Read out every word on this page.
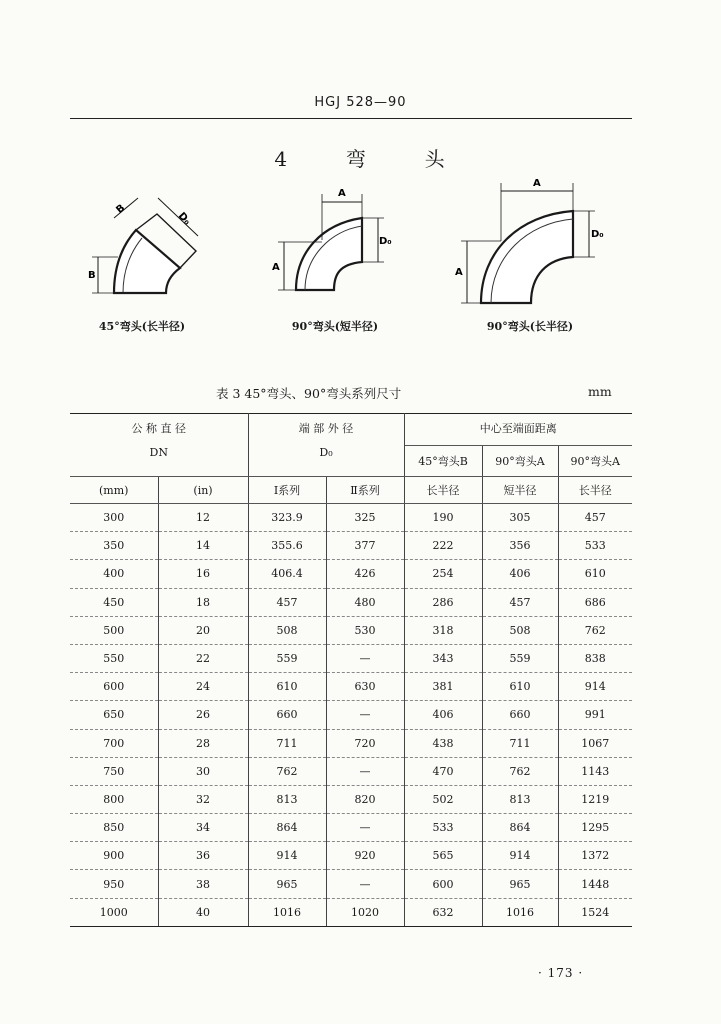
HGJ 528—90
4	弯	头
B
B
D₀
45°弯头(长半径)
A
A
D₀
90°弯头(短半径)
A
A
D₀
90°弯头(长半径)
表 3 45°弯头、90°弯头系列尺寸	mm
公 称 直 径		端 部 外 径		中心至端面距离		
DN		D₀		45°弯头B	90°弯头A	90°弯头A
(mm)	(in)	Ⅰ系列	Ⅱ系列	长半径	短半径	长半径
300	12	323.9	325	190	305	457
350	14	355.6	377	222	356	533
400	16	406.4	426	254	406	610
450	18	457	480	286	457	686
500	20	508	530	318	508	762
550	22	559	—	343	559	838
600	24	610	630	381	610	914
650	26	660	—	406	660	991
700	28	711	720	438	711	1067
750	30	762	—	470	762	1143
800	32	813	820	502	813	1219
850	34	864	—	533	864	1295
900	36	914	920	565	914	1372
950	38	965	—	600	965	1448
1000	40	1016	1020	632	1016	1524
· 173 ·
